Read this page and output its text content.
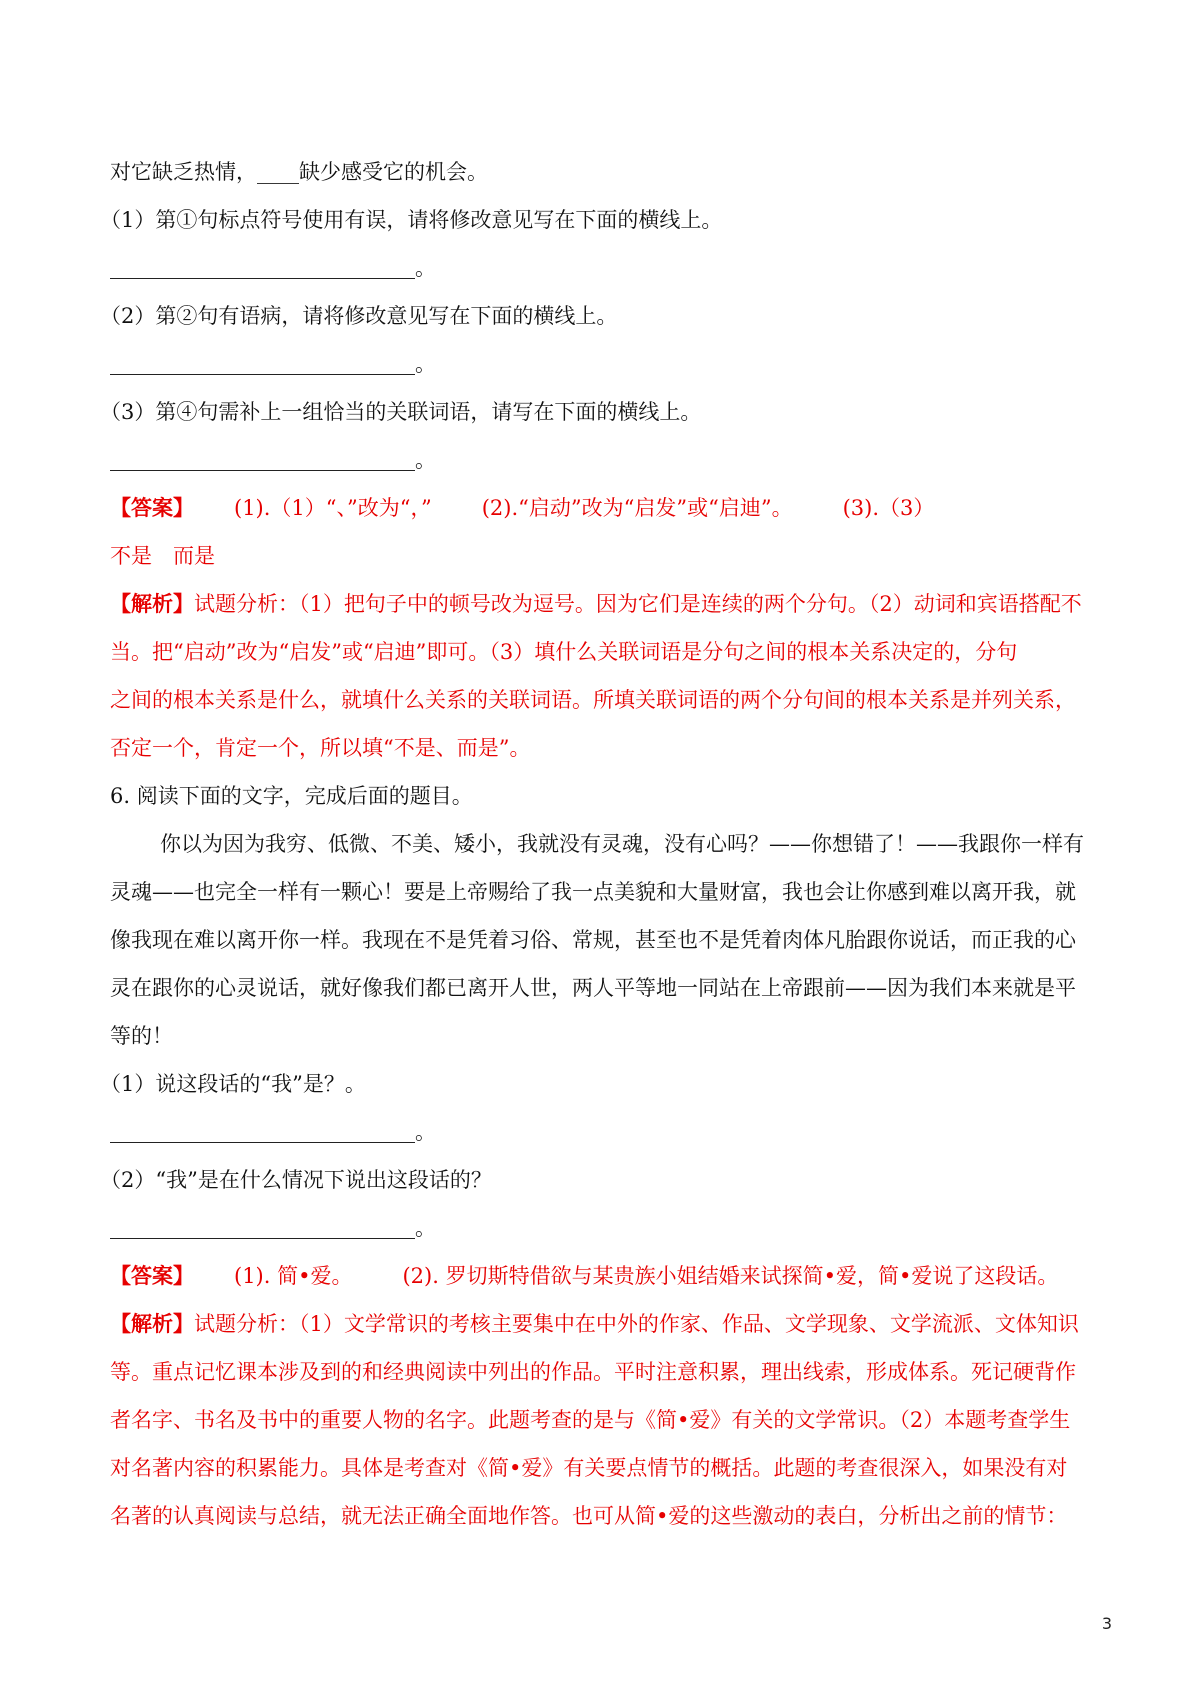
对它缺乏热情，____缺少感受它的机会。
（1）第①句标点符号使用有误，请将修改意见写在下面的横线上。
。
（2）第②句有语病，请将修改意见写在下面的横线上。
。
（3）第④句需补上一组恰当的关联词语，请写在下面的横线上。
。
【答案】 (1).（1）“、”改为“，” (2).“启动”改为“启发”或“启迪”。 (3).（3）
不是　而是
【解析】试题分析：（1）把句子中的顿号改为逗号。因为它们是连续的两个分句。（2）动词和宾语搭配不
当。把“启动”改为“启发”或“启迪”即可。（3）填什么关联词语是分句之间的根本关系决定的，分句
之间的根本关系是什么，就填什么关系的关联词语。所填关联词语的两个分句间的根本关系是并列关系，
否定一个，肯定一个，所以填“不是、而是”。
6. 阅读下面的文字，完成后面的题目。
你以为因为我穷、低微、不美、矮小，我就没有灵魂，没有心吗？——你想错了！——我跟你一样有
灵魂——也完全一样有一颗心！要是上帝赐给了我一点美貌和大量财富，我也会让你感到难以离开我，就
像我现在难以离开你一样。我现在不是凭着习俗、常规，甚至也不是凭着肉体凡胎跟你说话，而正我的心
灵在跟你的心灵说话，就好像我们都已离开人世，两人平等地一同站在上帝跟前——因为我们本来就是平
等的！
（1）说这段话的“我”是？。
。
（2）“我”是在什么情况下说出这段话的？
。
【答案】 (1). 简•爱。 (2). 罗切斯特借欲与某贵族小姐结婚来试探简•爱，简•爱说了这段话。
【解析】试题分析：（1）文学常识的考核主要集中在中外的作家、作品、文学现象、文学流派、文体知识
等。重点记忆课本涉及到的和经典阅读中列出的作品。平时注意积累，理出线索，形成体系。死记硬背作
者名字、书名及书中的重要人物的名字。此题考查的是与《简•爱》有关的文学常识。（2）本题考查学生
对名著内容的积累能力。具体是考查对《简•爱》有关要点情节的概括。此题的考查很深入，如果没有对
名著的认真阅读与总结，就无法正确全面地作答。也可从简•爱的这些激动的表白，分析出之前的情节：
3
